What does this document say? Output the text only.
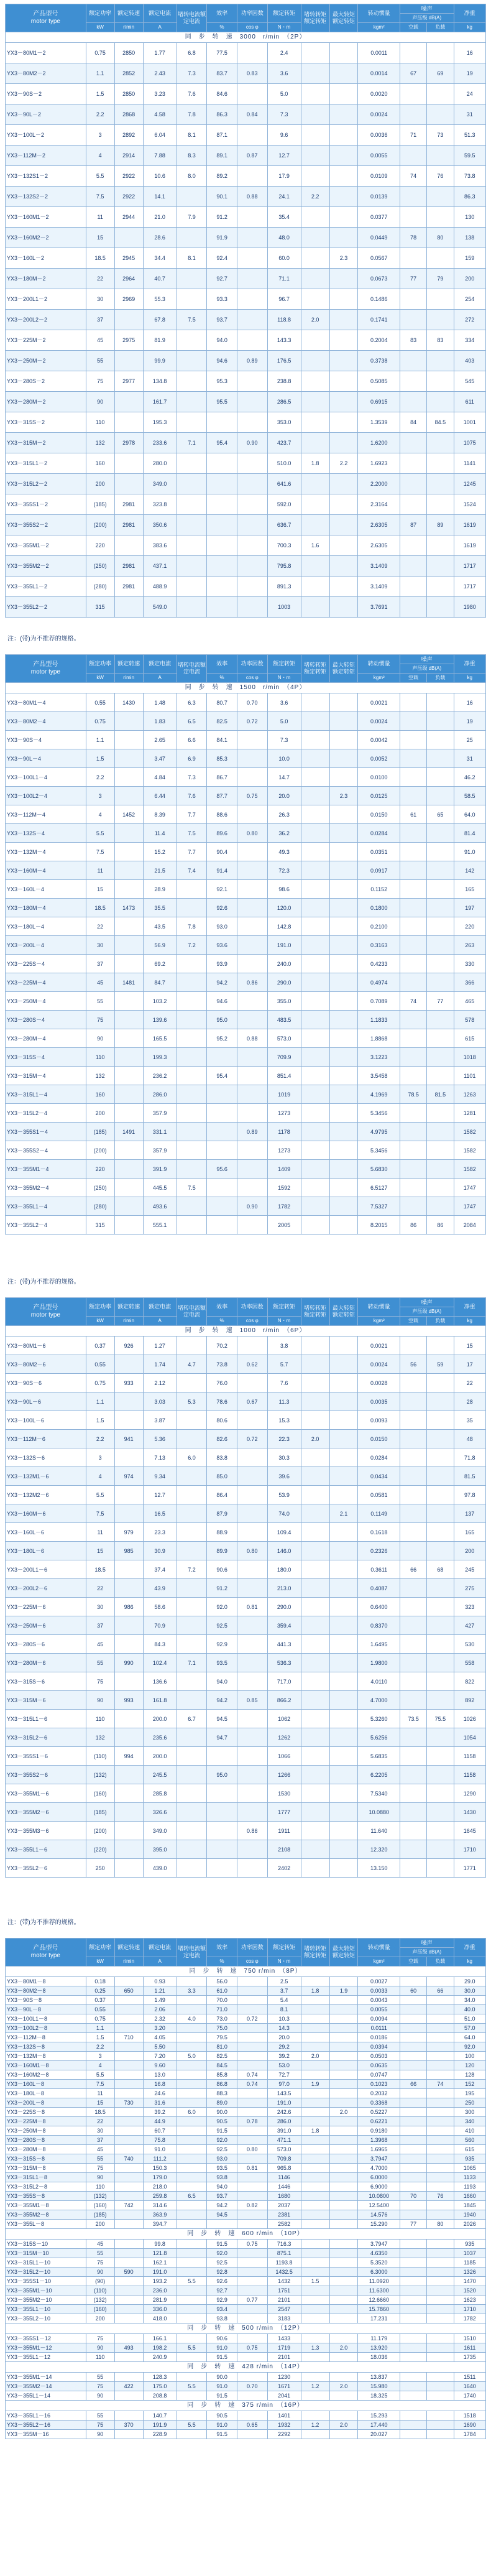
产品型号
motor type	额定功率	额定转速	额定电流	堵转电流额定电流	效率	功率因数	额定转矩	堵转转矩额定转矩	最大转矩额定转矩	转动惯量	噪声		净重
											声压级 dB(A)		
	kW	r/min	A		%	cos φ	N・m			kgm²	空载	负载	kg
同　步　转　速　3000　r/min　（2P）													
YX3－80M1－2	0.75	2850	1.77	6.8	77.5		2.4			0.0011			16
YX3－80M2－2	1.1	2852	2.43	7.3	83.7	0.83	3.6			0.0014	67	69	19
YX3－90S－2	1.5	2850	3.23	7.6	84.6		5.0			0.0020			24
YX3－90L－2	2.2	2868	4.58	7.8	86.3	0.84	7.3			0.0024			31
YX3－100L－2	3	2892	6.04	8.1	87.1		9.6			0.0036	71	73	51.3
YX3－112M－2	4	2914	7.88	8.3	89.1	0.87	12.7			0.0055			59.5
YX3－132S1－2	5.5	2922	10.6	8.0	89.2		17.9			0.0109	74	76	73.8
YX3－132S2－2	7.5	2922	14.1		90.1	0.88	24.1	2.2		0.0139			86.3
YX3－160M1－2	11	2944	21.0	7.9	91.2		35.4			0.0377			130
YX3－160M2－2	15		28.6		91.9		48.0			0.0449	78	80	138
YX3－160L－2	18.5	2945	34.4	8.1	92.4		60.0		2.3	0.0567			159
YX3－180M－2	22	2964	40.7		92.7		71.1			0.0673	77	79	200
YX3－200L1－2	30	2969	55.3		93.3		96.7			0.1486			254
YX3－200L2－2	37		67.8	7.5	93.7		118.8	2.0		0.1741			272
YX3－225M－2	45	2975	81.9		94.0		143.3			0.2004	83	83	334
YX3－250M－2	55		99.9		94.6	0.89	176.5			0.3738			403
YX3－280S－2	75	2977	134.8		95.3		238.8			0.5085			545
YX3－280M－2	90		161.7		95.5		286.5			0.6915			611
YX3－315S－2	110		195.3				353.0			1.3539	84	84.5	1001
YX3－315M－2	132	2978	233.6	7.1	95.4	0.90	423.7			1.6200			1075
YX3－315L1－2	160		280.0				510.0	1.8	2.2	1.6923			1141
YX3－315L2－2	200		349.0				641.6			2.2000			1245
YX3－355S1－2	(185)	2981	323.8				592.0			2.3164			1524
YX3－355S2－2	(200)	2981	350.6				636.7			2.6305	87	89	1619
YX3－355M1－2	220		383.6				700.3	1.6		2.6305			1619
YX3－355M2－2	(250)	2981	437.1				795.8			3.1409			1717
YX3－355L1－2	(280)	2981	488.9				891.3			3.1409			1717
YX3－355L2－2	315		549.0				1003			3.7691			1980
注：(带)为不推荐的规格。
产品型号
motor type	额定功率	额定转速	额定电流	堵转电流额定电流	效率	功率因数	额定转矩	堵转转矩额定转矩	最大转矩额定转矩	转动惯量	噪声		净重
											声压级 dB(A)		
	kW	r/min	A		%	cos φ	N・m			kgm²	空载	负载	kg
同　步　转　速　1500　r/min　（4P）													
YX3－80M1－4	0.55	1430	1.48	6.3	80.7	0.70	3.6			0.0021			16
YX3－80M2－4	0.75		1.83	6.5	82.5	0.72	5.0			0.0024			19
YX3－90S－4	1.1		2.65	6.6	84.1		7.3			0.0042			25
YX3－90L－4	1.5		3.47	6.9	85.3		10.0			0.0052			31
YX3－100L1－4	2.2		4.84	7.3	86.7		14.7			0.0100			46.2
YX3－100L2－4	3		6.44	7.6	87.7	0.75	20.0		2.3	0.0125			58.5
YX3－112M－4	4	1452	8.39	7.7	88.6		26.3			0.0150	61	65	64.0
YX3－132S－4	5.5		11.4	7.5	89.6	0.80	36.2			0.0284			81.4
YX3－132M－4	7.5		15.2	7.7	90.4		49.3			0.0351			91.0
YX3－160M－4	11		21.5	7.4	91.4		72.3			0.0917			142
YX3－160L－4	15		28.9		92.1		98.6			0.1152			165
YX3－180M－4	18.5	1473	35.5		92.6		120.0			0.1800			197
YX3－180L－4	22		43.5	7.8	93.0		142.8			0.2100			220
YX3－200L－4	30		56.9	7.2	93.6		191.0			0.3163			263
YX3－225S－4	37		69.2		93.9		240.0			0.4233			330
YX3－225M－4	45	1481	84.7		94.2	0.86	290.0			0.4974			366
YX3－250M－4	55		103.2		94.6		355.0			0.7089	74	77	465
YX3－280S－4	75		139.6		95.0		483.5			1.1833			578
YX3－280M－4	90		165.5		95.2	0.88	573.0			1.8868			615
YX3－315S－4	110		199.3				709.9			3.1223			1018
YX3－315M－4	132		236.2		95.4		851.4			3.5458			1101
YX3－315L1－4	160		286.0				1019			4.1969	78.5	81.5	1263
YX3－315L2－4	200		357.9				1273			5.3456			1281
YX3－355S1－4	(185)	1491	331.1			0.89	1178			4.9795			1582
YX3－355S2－4	(200)		357.9				1273			5.3456			1582
YX3－355M1－4	220		391.9		95.6		1409			5.6830			1582
YX3－355M2－4	(250)		445.5	7.5			1592			6.5127			1747
YX3－355L1－4	(280)		493.6			0.90	1782			7.5327			1747
YX3－355L2－4	315		555.1				2005			8.2015	86	86	2084
注：(带)为不推荐的规格。
产品型号
motor type	额定功率	额定转速	额定电流	堵转电流额定电流	效率	功率因数	额定转矩	堵转转矩额定转矩	最大转矩额定转矩	转动惯量	噪声		净重
											声压级 dB(A)		
	kW	r/min	A		%	cos φ	N・m			kgm²	空载	负载	kg
同　步　转　速　1000　r/min　（6P）													
YX3－80M1－6	0.37	926	1.27		70.2		3.8			0.0021			15
YX3－80M2－6	0.55		1.74	4.7	73.8	0.62	5.7			0.0024	56	59	17
YX3－90S－6	0.75	933	2.12		76.0		7.6			0.0028			22
YX3－90L－6	1.1		3.03	5.3	78.6	0.67	11.3			0.0035			28
YX3－100L－6	1.5		3.87		80.6		15.3			0.0093			35
YX3－112M－6	2.2	941	5.36		82.6	0.72	22.3	2.0		0.0150			48
YX3－132S－6	3		7.13	6.0	83.8		30.3			0.0284			71.8
YX3－132M1－6	4	974	9.34		85.0		39.6			0.0434			81.5
YX3－132M2－6	5.5		12.7		86.4		53.9			0.0581			97.8
YX3－160M－6	7.5		16.5		87.9		74.0		2.1	0.1149			137
YX3－160L－6	11	979	23.3		88.9		109.4			0.1618			165
YX3－180L－6	15	985	30.9		89.9	0.80	146.0			0.2326			200
YX3－200L1－6	18.5		37.4	7.2	90.6		180.0			0.3611	66	68	245
YX3－200L2－6	22		43.9		91.2		213.0			0.4087			275
YX3－225M－6	30	986	58.6		92.0	0.81	290.0			0.6400			323
YX3－250M－6	37		70.9		92.5		359.4			0.8370			427
YX3－280S－6	45		84.3		92.9		441.3			1.6495			530
YX3－280M－6	55	990	102.4	7.1	93.5		536.3			1.9800			558
YX3－315S－6	75		136.6		94.0		717.0			4.0110			822
YX3－315M－6	90	993	161.8		94.2	0.85	866.2			4.7000			892
YX3－315L1－6	110		200.0	6.7	94.5		1062			5.3260	73.5	75.5	1026
YX3－315L2－6	132		235.6		94.7		1262			5.6256			1054
YX3－355S1－6	(110)	994	200.0				1066			5.6835			1158
YX3－355S2－6	(132)		245.5		95.0		1266			6.2205			1158
YX3－355M1－6	(160)		285.8				1530			7.5340			1290
YX3－355M2－6	(185)		326.6				1777			10.0880			1430
YX3－355M3－6	(200)		349.0			0.86	1911			11.640			1645
YX3－355L1－6	(220)		395.0				2108			12.320			1710
YX3－355L2－6	250		439.0				2402			13.150			1771
注：(带)为不推荐的规格。
产品型号
motor type	额定功率	额定转速	额定电流	堵转电流额定电流	效率	功率因数	额定转矩	堵转转矩额定转矩	最大转矩额定转矩	转动惯量	噪声		净重
											声压级 dB(A)		
	kW	r/min	A		%	cos φ	N・m			kgm²	空载	负载	kg
同　步　转　速　750 r/min　（8P）													
YX3－80M1－8	0.18		0.93		56.0		2.5			0.0027			29.0
YX3－80M2－8	0.25	650	1.21	3.3	61.0		3.7	1.8	1.9	0.0033	60	66	30.0
YX3－90S－8	0.37		1.49		70.0		5.4			0.0043			34.0
YX3－90L－8	0.55		2.06		71.0		8.1			0.0055			40.0
YX3－100L1－8	0.75		2.32	4.0	73.0	0.72	10.3			0.0094			51.0
YX3－100L2－8	1.1		3.20		75.0		14.3			0.0111			57.0
YX3－112M－8	1.5	710	4.05		79.5		20.0			0.0186			64.0
YX3－132S－8	2.2		5.50		81.0		29.2			0.0394			92.0
YX3－132M－8	3		7.20	5.0	82.5		39.2	2.0		0.0503			100
YX3－160M1－8	4		9.60		84.5		53.0			0.0635			120
YX3－160M2－8	5.5		13.0		85.8	0.74	72.7			0.0747			128
YX3－160L－8	7.5		16.8		86.8	0.74	97.0	1.9		0.1023	66	74	152
YX3－180L－8	11		24.6		88.3		143.5			0.2032			195
YX3－200L－8	15	730	31.6		89.0		191.0			0.3368			250
YX3－225S－8	18.5		39.2	6.0	90.0		242.6		2.0	0.5227			300
YX3－225M－8	22		44.9		90.5	0.78	286.0			0.6221			340
YX3－250M－8	30		60.7		91.5		391.0	1.8		0.9180			410
YX3－280S－8	37		75.8		92.0		471.1			1.3968			560
YX3－280M－8	45		91.0		92.5	0.80	573.0			1.6965			615
YX3－315S－8	55	740	111.2		93.0		709.8			3.7947			935
YX3－315M－8	75		150.3		93.5	0.81	965.8			4.7000			1065
YX3－315L1－8	90		179.0		93.8		1146			6.0000			1133
YX3－315L2－8	110		218.0		94.0		1446			6.9000			1193
YX3－355S－8	(132)		259.8	6.5	93.7		1680			10.0800	70	76	1660
YX3－355M1－8	(160)	742	314.6		94.2	0.82	2037			12.5400			1845
YX3－355M2－8	(185)		363.9		94.5		2381			14.576			1940
YX3－355L－8	200		394.7				2582			15.290	77	80	2026
同　步　转　速　600 r/min　（10P）													
YX3－315S－10	45		99.8		91.5	0.75	716.3			3.7947			935
YX3－315M－10	55		121.8		92.0		875.1			4.6350			1037
YX3－315L1－10	75		162.1		92.5		1193.8			5.3520			1185
YX3－315L2－10	90	590	191.0		92.8		1432.5			6.3000			1326
YX3－355S1－10	(90)		193.2	5.5	92.6		1432	1.5		11.0920			1470
YX3－355M1－10	(110)		236.0		92.7		1751			11.6300			1520
YX3－355M2－10	(132)		281.9		92.9	0.77	2101			12.6660			1623
YX3－355L1－10	(160)		336.0		93.4		2547			15.7860			1710
YX3－355L2－10	200		418.0		93.8		3183			17.231			1782
同　步　转　速　500 r/min　（12P）													
YX3－355S1－12	75		166.1		90.6		1433			11.179			1510
YX3－355M1－12	90	493	198.2	5.5	91.0	0.75	1719	1.3	2.0	13.920			1611
YX3－355L1－12	110		240.9		91.5		2101			18.036			1735
同　步　转　速　428 r/min　（14P）													
YX3－355M1－14	55		128.3		90.0		1230			13.837			1511
YX3－355M2－14	75	422	175.0	5.5	91.0	0.70	1671	1.2	2.0	15.980			1640
YX3－355L1－14	90		208.8		91.5		2041			18.325			1740
同　步　转　速　375 r/min　（16P）													
YX3－355L1－16	55		140.7		90.5		1401			15.293			1518
YX3－355L2－16	75	370	191.9	5.5	91.0	0.65	1932	1.2	2.0	17.440			1690
YX3－355M－16	90		228.9		91.5		2292			20.027			1784
